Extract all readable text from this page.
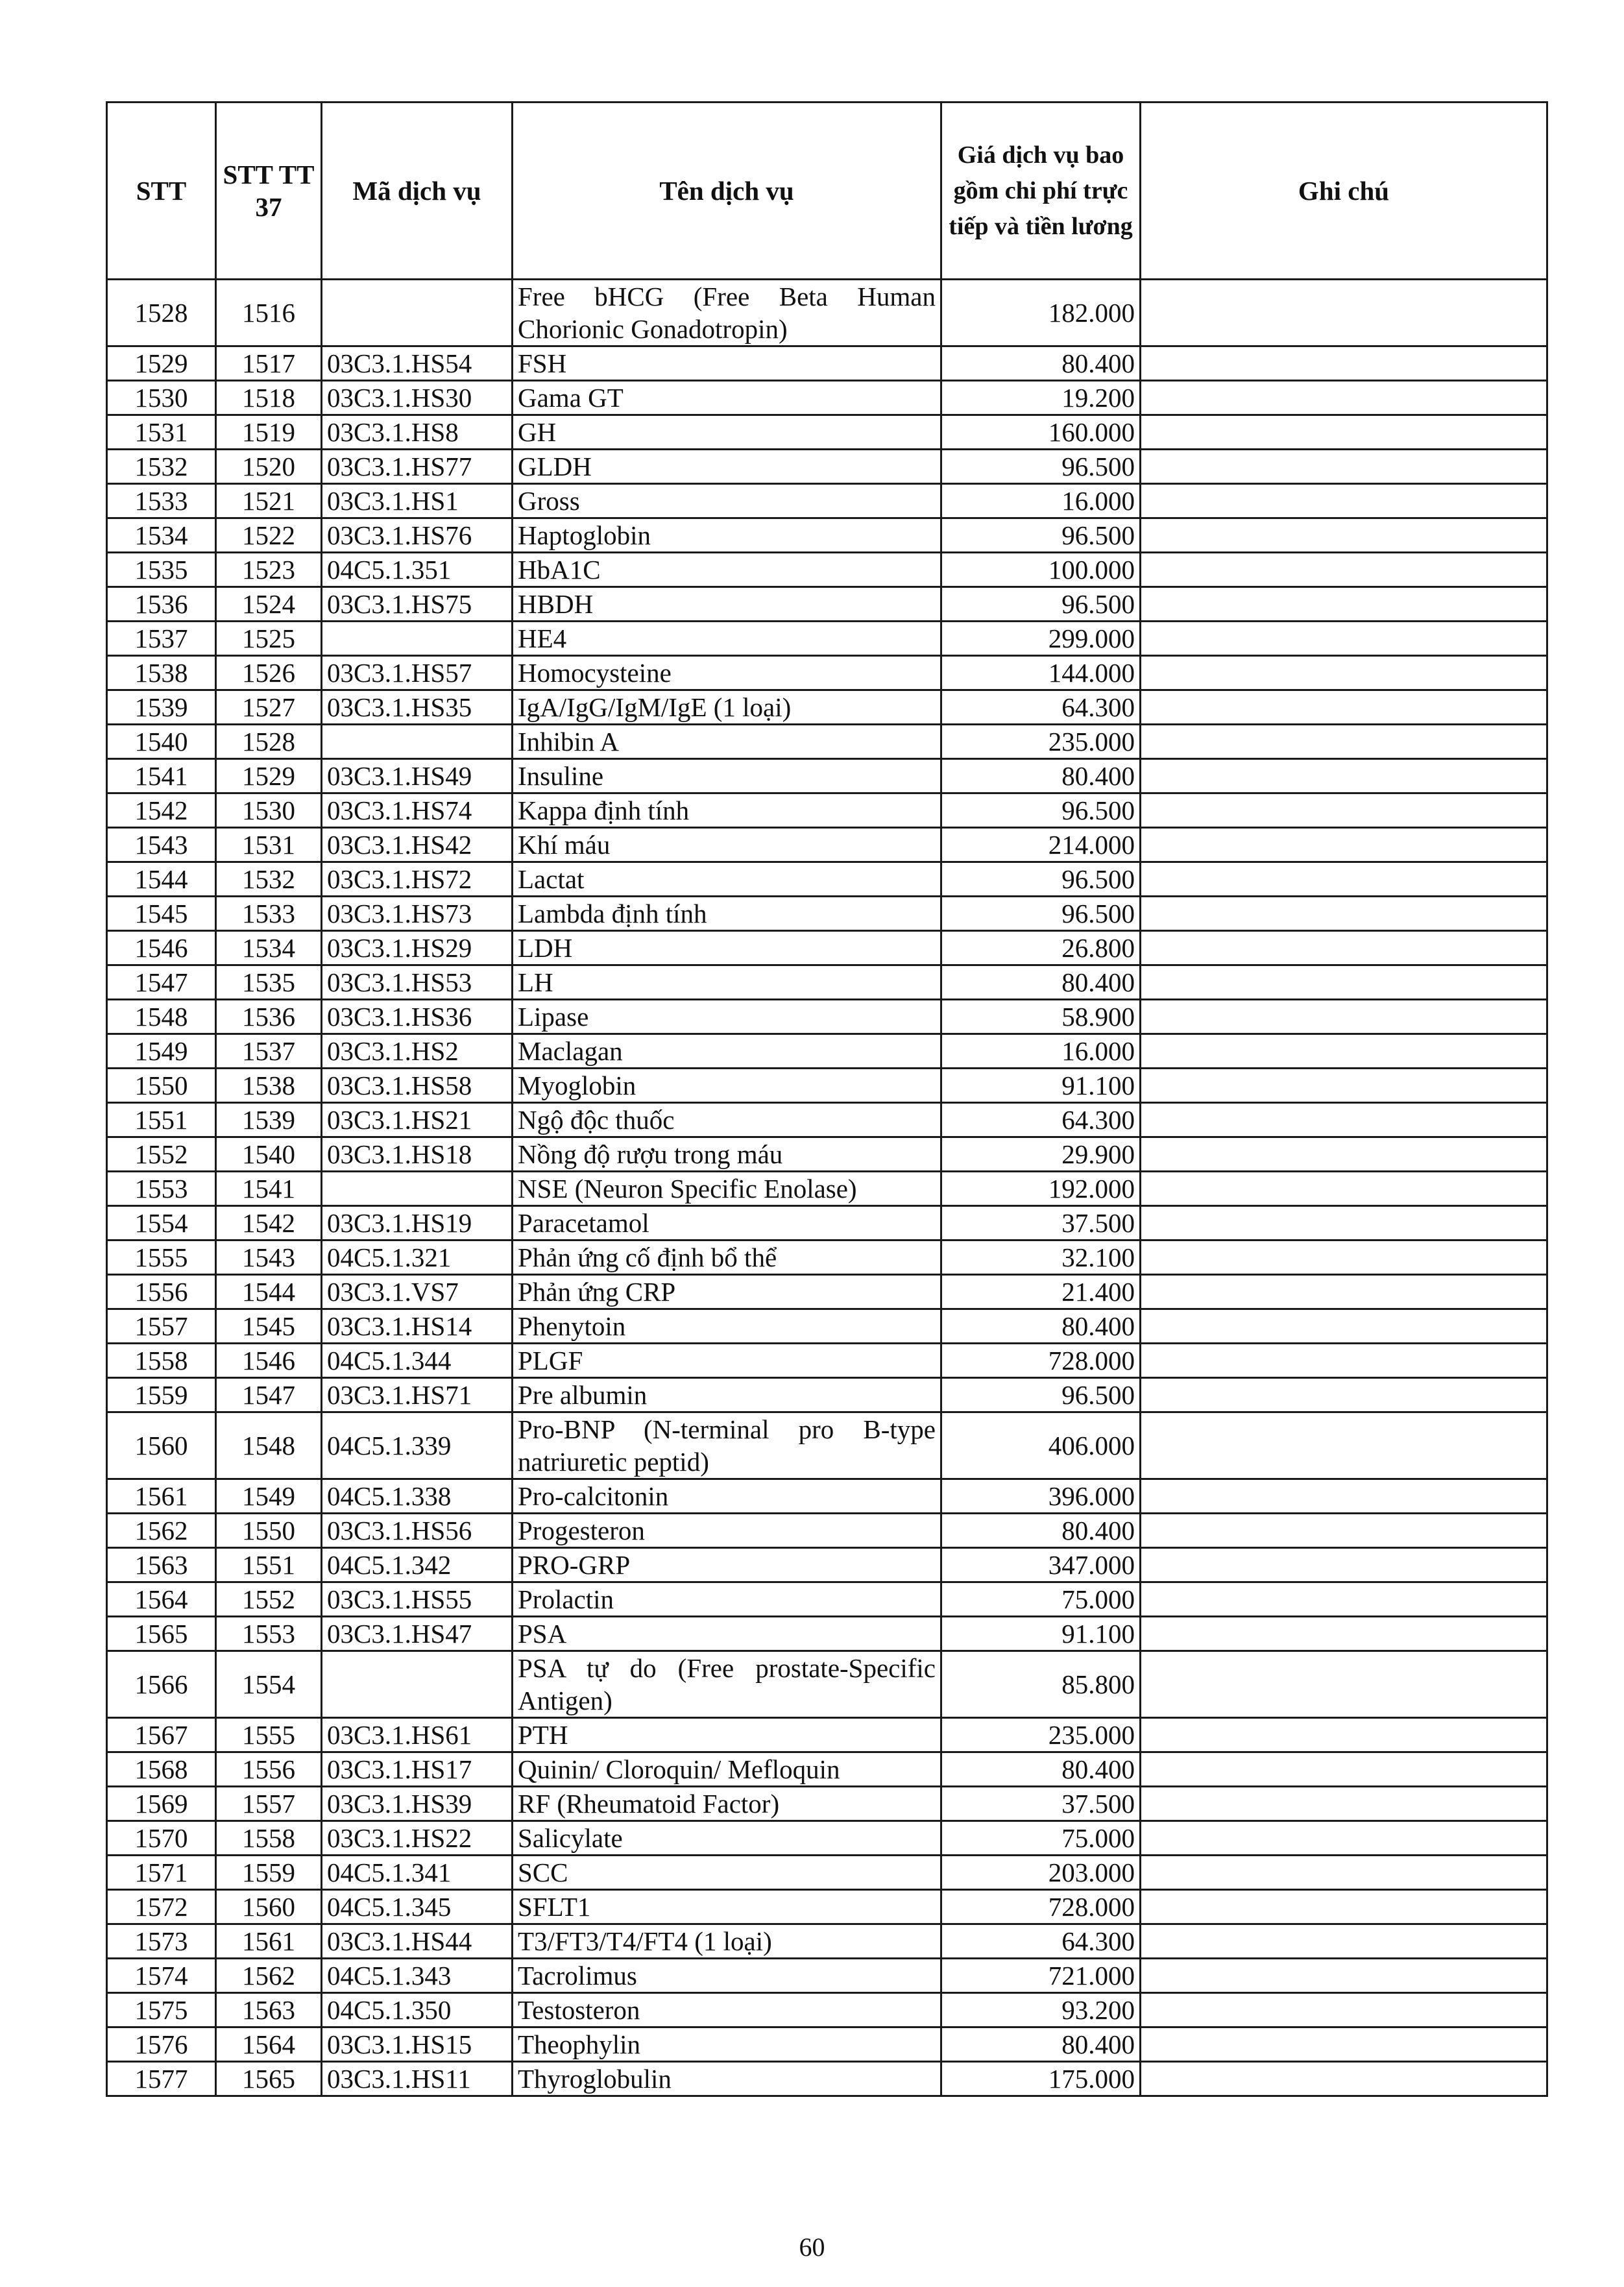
STT	STT TT 37	Mã dịch vụ	Tên dịch vụ	Giá dịch vụ bao gồm chi phí trực tiếp và tiền lương	Ghi chú
1528	1516		Free bHCG (Free Beta Human Chorionic Gonadotropin)	182.000	
1529	1517	03C3.1.HS54	FSH	80.400	
1530	1518	03C3.1.HS30	Gama GT	19.200	
1531	1519	03C3.1.HS8	GH	160.000	
1532	1520	03C3.1.HS77	GLDH	96.500	
1533	1521	03C3.1.HS1	Gross	16.000	
1534	1522	03C3.1.HS76	Haptoglobin	96.500	
1535	1523	04C5.1.351	HbA1C	100.000	
1536	1524	03C3.1.HS75	HBDH	96.500	
1537	1525		HE4	299.000	
1538	1526	03C3.1.HS57	Homocysteine	144.000	
1539	1527	03C3.1.HS35	IgA/IgG/IgM/IgE (1 loại)	64.300	
1540	1528		Inhibin A	235.000	
1541	1529	03C3.1.HS49	Insuline	80.400	
1542	1530	03C3.1.HS74	Kappa định tính	96.500	
1543	1531	03C3.1.HS42	Khí máu	214.000	
1544	1532	03C3.1.HS72	Lactat	96.500	
1545	1533	03C3.1.HS73	Lambda định tính	96.500	
1546	1534	03C3.1.HS29	LDH	26.800	
1547	1535	03C3.1.HS53	LH	80.400	
1548	1536	03C3.1.HS36	Lipase	58.900	
1549	1537	03C3.1.HS2	Maclagan	16.000	
1550	1538	03C3.1.HS58	Myoglobin	91.100	
1551	1539	03C3.1.HS21	Ngộ độc thuốc	64.300	
1552	1540	03C3.1.HS18	Nồng độ rượu trong máu	29.900	
1553	1541		NSE (Neuron Specific Enolase)	192.000	
1554	1542	03C3.1.HS19	Paracetamol	37.500	
1555	1543	04C5.1.321	Phản ứng cố định bổ thể	32.100	
1556	1544	03C3.1.VS7	Phản ứng CRP	21.400	
1557	1545	03C3.1.HS14	Phenytoin	80.400	
1558	1546	04C5.1.344	PLGF	728.000	
1559	1547	03C3.1.HS71	Pre albumin	96.500	
1560	1548	04C5.1.339	Pro-BNP (N-terminal pro B-type natriuretic peptid)	406.000	
1561	1549	04C5.1.338	Pro-calcitonin	396.000	
1562	1550	03C3.1.HS56	Progesteron	80.400	
1563	1551	04C5.1.342	PRO-GRP	347.000	
1564	1552	03C3.1.HS55	Prolactin	75.000	
1565	1553	03C3.1.HS47	PSA	91.100	
1566	1554		PSA tự do (Free prostate-Specific Antigen)	85.800	
1567	1555	03C3.1.HS61	PTH	235.000	
1568	1556	03C3.1.HS17	Quinin/ Cloroquin/ Mefloquin	80.400	
1569	1557	03C3.1.HS39	RF (Rheumatoid Factor)	37.500	
1570	1558	03C3.1.HS22	Salicylate	75.000	
1571	1559	04C5.1.341	SCC	203.000	
1572	1560	04C5.1.345	SFLT1	728.000	
1573	1561	03C3.1.HS44	T3/FT3/T4/FT4 (1 loại)	64.300	
1574	1562	04C5.1.343	Tacrolimus	721.000	
1575	1563	04C5.1.350	Testosteron	93.200	
1576	1564	03C3.1.HS15	Theophylin	80.400	
1577	1565	03C3.1.HS11	Thyroglobulin	175.000	
60
